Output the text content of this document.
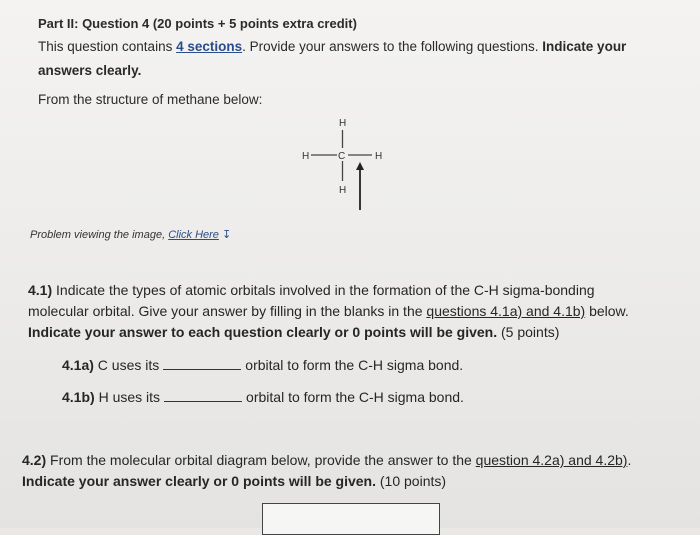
Part II: Question 4 (20 points + 5 points extra credit)
This question contains 4 sections. Provide your answers to the following questions. Indicate your
answers clearly.
From the structure of methane below:
H
H	C	H
H
Problem viewing the image, Click Here ↧
4.1) Indicate the types of atomic orbitals involved in the formation of the C-H sigma-bonding
molecular orbital. Give your answer by filling in the blanks in the questions 4.1a) and 4.1b) below.
Indicate your answer to each question clearly or 0 points will be given. (5 points)
4.1a) C uses its	orbital to form the C-H sigma bond.
4.1b) H uses its	orbital to form the C-H sigma bond.
4.2) From the molecular orbital diagram below, provide the answer to the question 4.2a) and 4.2b).
Indicate your answer clearly or 0 points will be given. (10 points)
